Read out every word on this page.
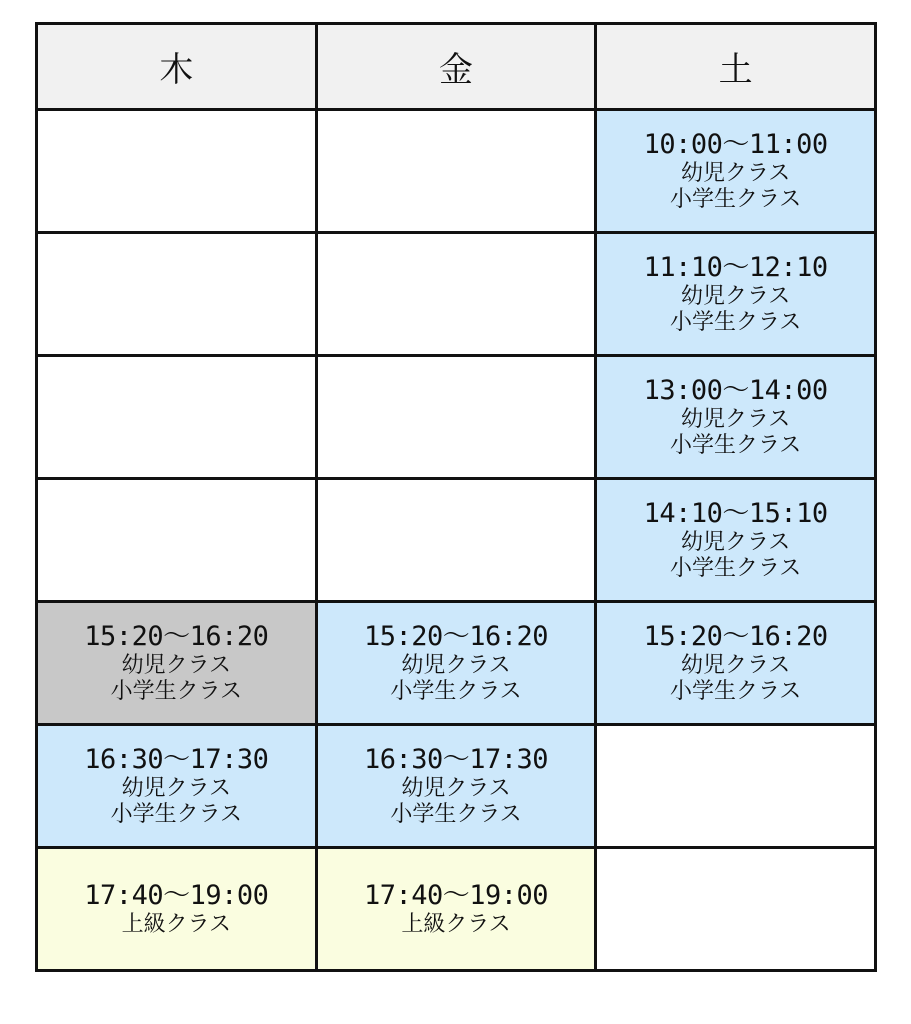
木	金	土

		10:00〜11:00
幼児クラス
小学生クラス

		11:10〜12:10
幼児クラス
小学生クラス

		13:00〜14:00
幼児クラス
小学生クラス

		14:10〜15:10
幼児クラス
小学生クラス

15:20〜16:20
幼児クラス
小学生クラス	15:20〜16:20
幼児クラス
小学生クラス	15:20〜16:20
幼児クラス
小学生クラス

16:30〜17:30
幼児クラス
小学生クラス	16:30〜17:30
幼児クラス
小学生クラス	

17:40〜19:00
上級クラス	17:40〜19:00
上級クラス	
